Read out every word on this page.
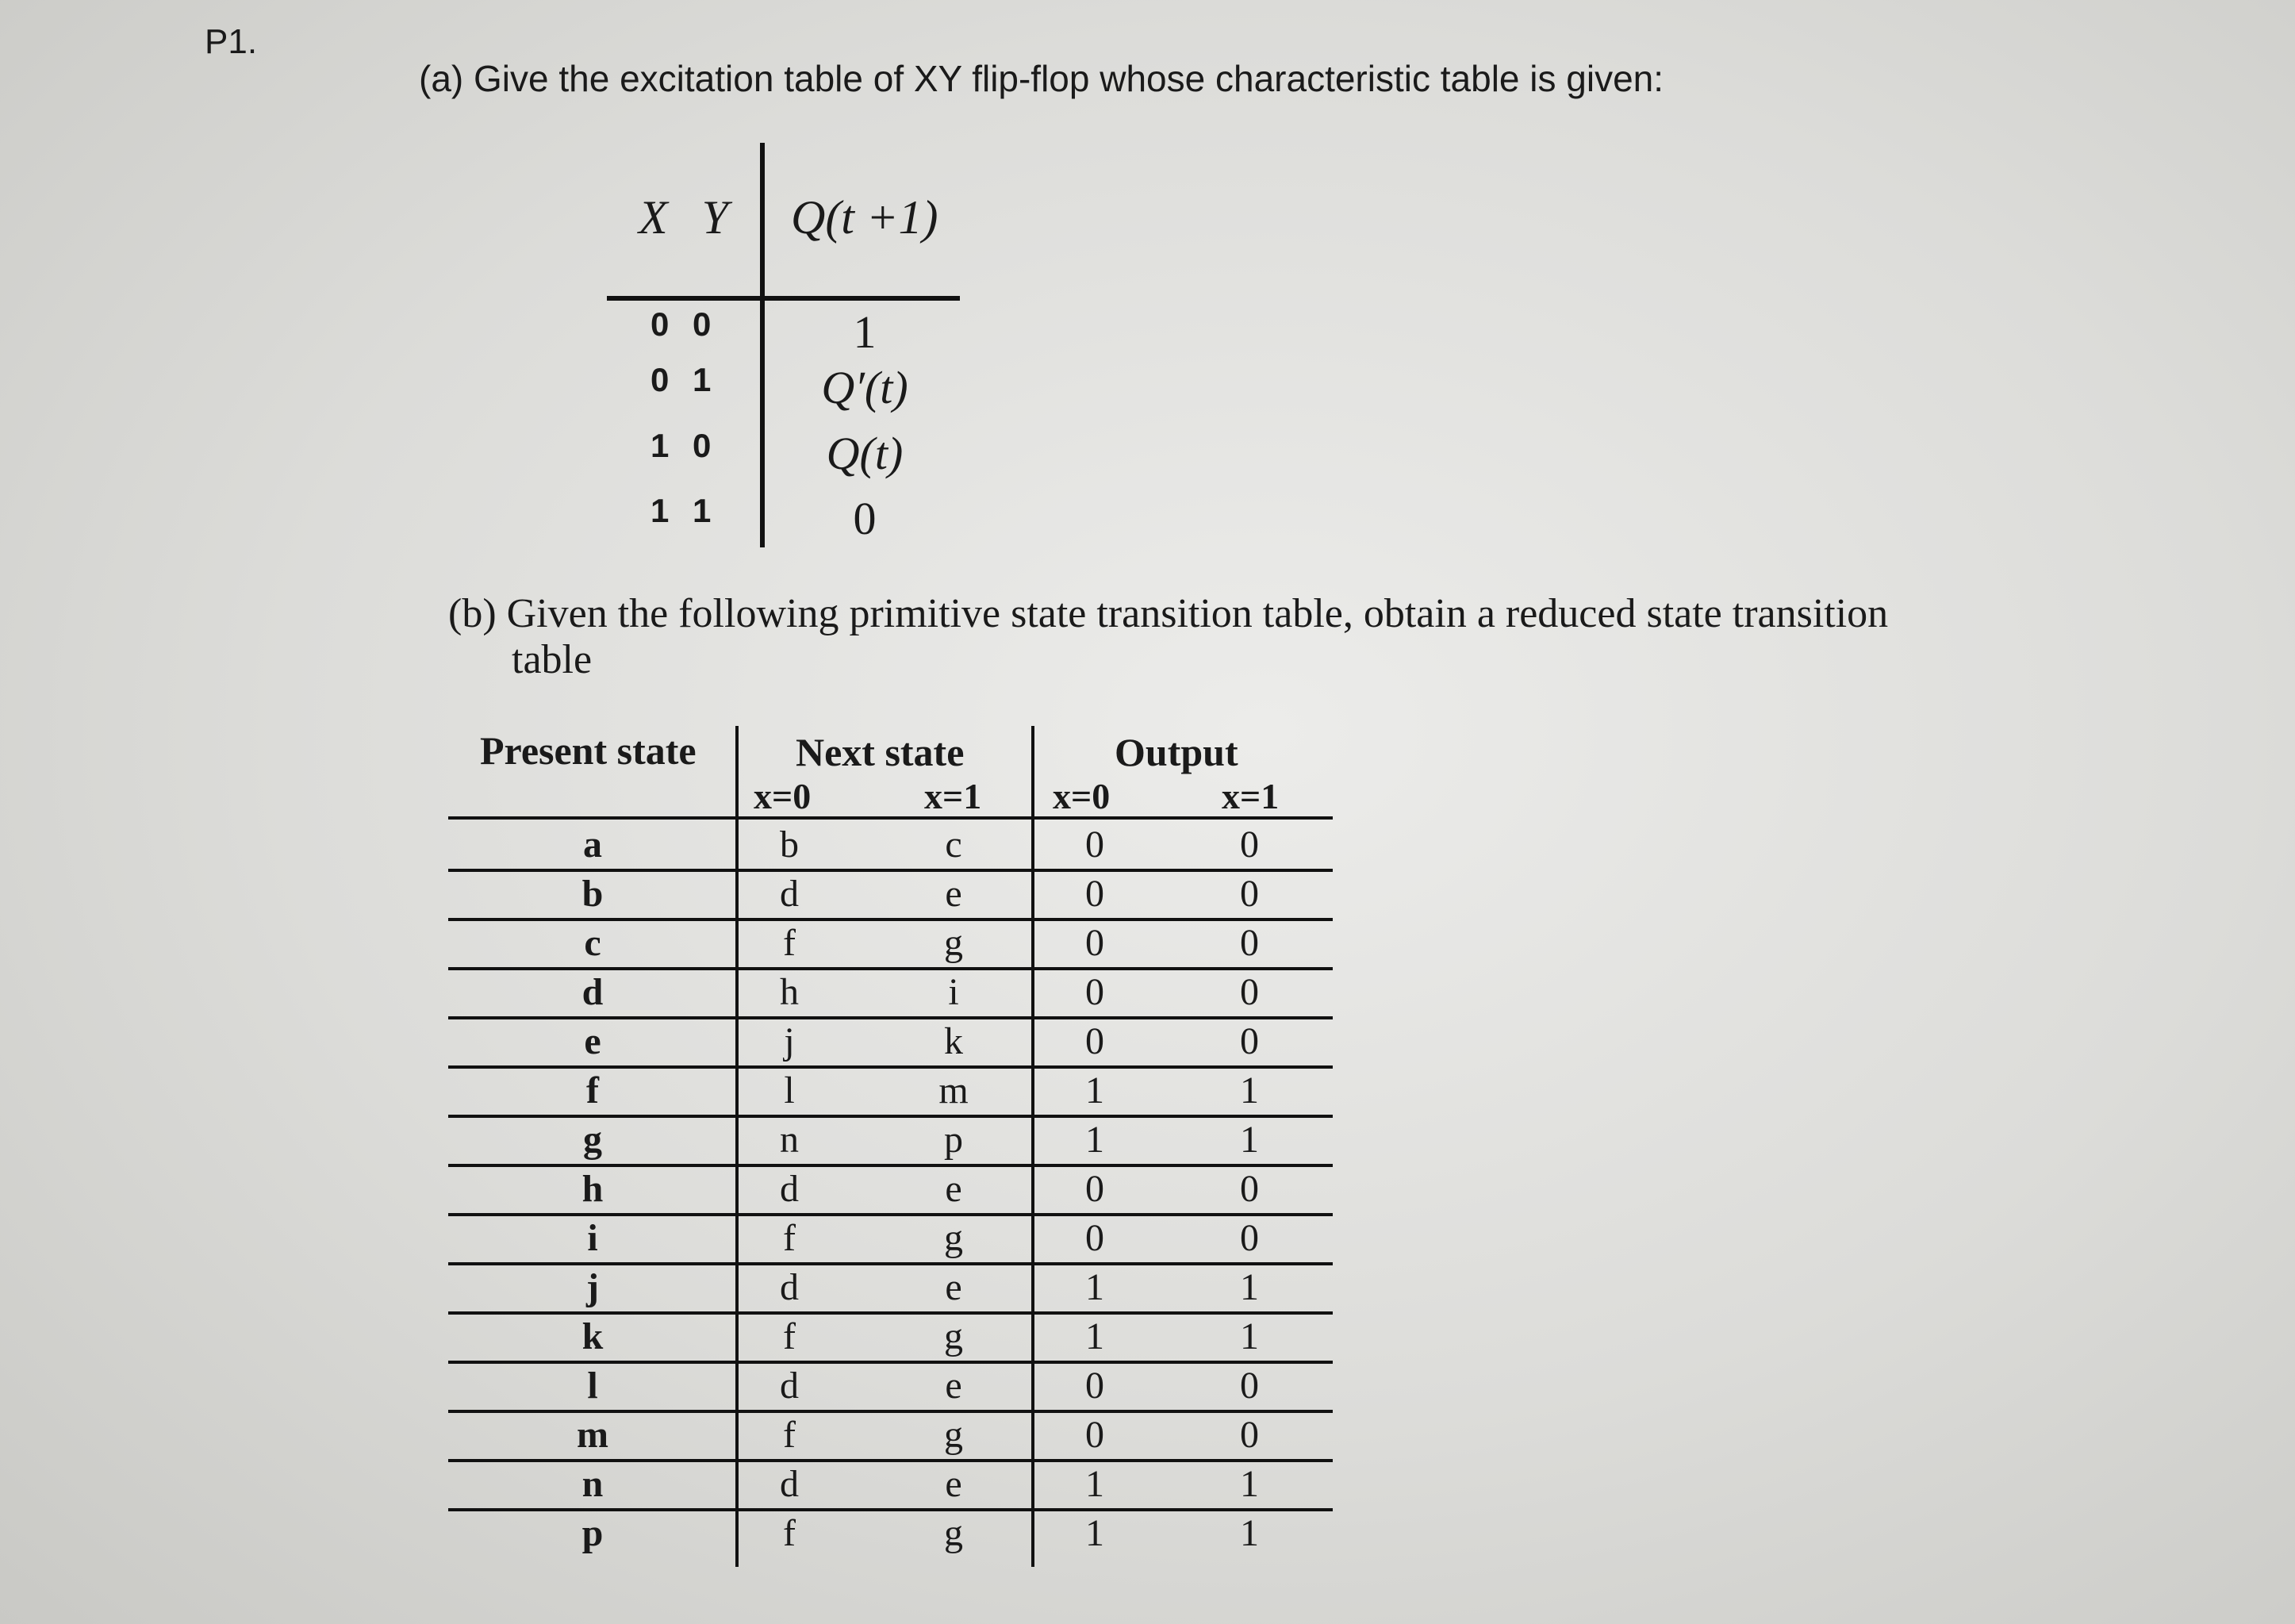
P1.
(a) Give the excitation table of XY flip-flop whose characteristic table is given:
X Y Q(t +1)
0 0	1
0 1	Q′(t)
1 0	Q(t)
1 1	0
(b) Given the following primitive state transition table, obtain a reduced state transition
table
Present state	Next state	Output
x=0	x=1 x=0	x=1
a	b	c	0	0
b	d	e	0	0
c	f	g	0	0
d	h	i	0	0
e	j	k	0	0
f	l	m	1	1
g	n	p	1	1
h	d	e	0	0
i	f	g	0	0
j	d	e	1	1
k	f	g	1	1
l	d	e	0	0
m	f	g	0	0
n	d	e	1	1
p	f	g	1	1
